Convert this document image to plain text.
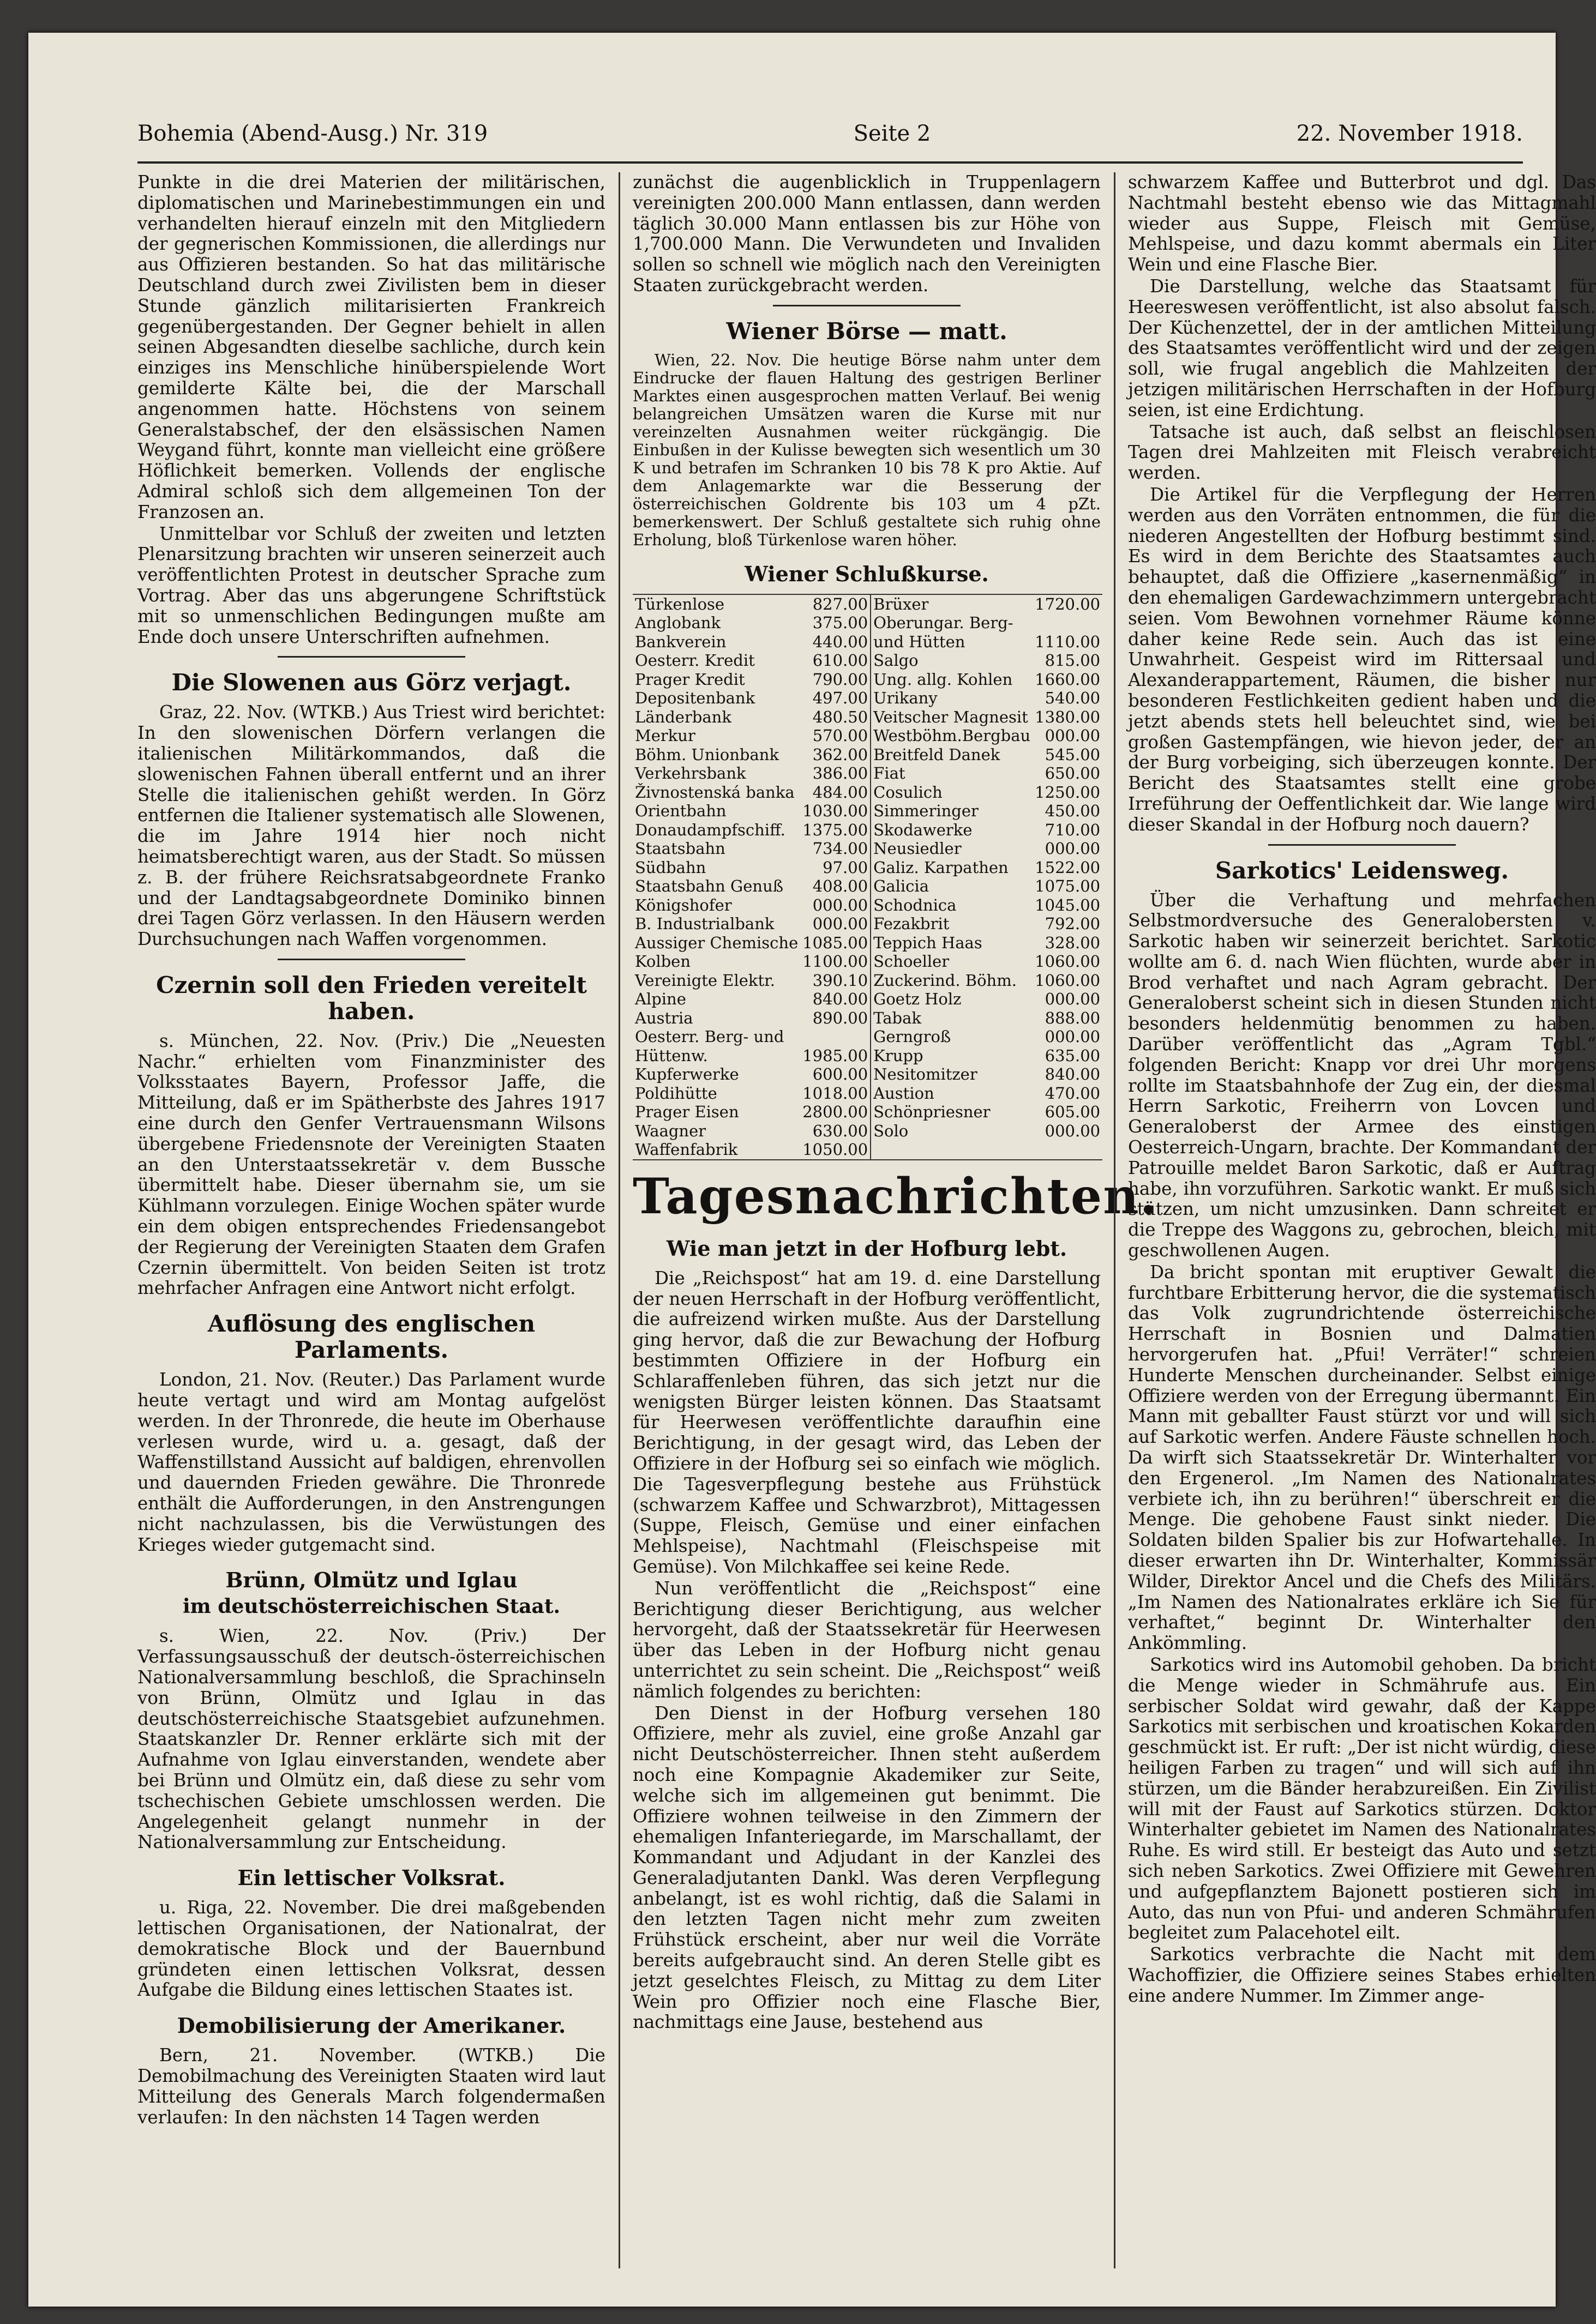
Bohemia (Abend-Ausg.) Nr. 319	Seite 2	22. November 1918.

Punkte in die drei Materien der militärischen, diplomatischen und Marinebestimmungen ein und verhandelten hierauf einzeln mit den Mitgliedern der gegnerischen Kommissionen, die allerdings nur aus Offizieren bestanden. So hat das militärische Deutschland durch zwei Zivilisten bem in dieser Stunde gänzlich militarisierten Frankreich gegenübergestanden. Der Gegner behielt in allen seinen Abgesandten dieselbe sachliche, durch kein einziges ins Menschliche hinüberspielende Wort gemilderte Kälte bei, die der Marschall angenommen hatte. Höchstens von seinem Generalstabschef, der den elsässischen Namen Weygand führt, konnte man vielleicht eine größere Höflichkeit bemerken. Vollends der englische Admiral schloß sich dem allgemeinen Ton der Franzosen an.

Unmittelbar vor Schluß der zweiten und letzten Plenarsitzung brachten wir unseren seinerzeit auch veröffentlichten Protest in deutscher Sprache zum Vortrag. Aber das uns abgerungene Schriftstück mit so unmenschlichen Bedingungen mußte am Ende doch unsere Unterschriften aufnehmen.

Die Slowenen aus Görz verjagt.

Graz, 22. Nov. (WTKB.) Aus Triest wird berichtet: In den slowenischen Dörfern verlangen die italienischen Militärkommandos, daß die slowenischen Fahnen überall entfernt und an ihrer Stelle die italienischen gehißt werden. In Görz entfernen die Italiener systematisch alle Slowenen, die im Jahre 1914 hier noch nicht heimatsberechtigt waren, aus der Stadt. So müssen z. B. der frühere Reichsratsabgeordnete Franko und der Landtagsabgeordnete Dominiko binnen drei Tagen Görz verlassen. In den Häusern werden Durchsuchungen nach Waffen vorgenommen.

Czernin soll den Frieden vereitelt haben.

s. München, 22. Nov. (Priv.) Die „Neuesten Nachr.“ erhielten vom Finanzminister des Volksstaates Bayern, Professor Jaffe, die Mitteilung, daß er im Spätherbste des Jahres 1917 eine durch den Genfer Vertrauensmann Wilsons übergebene Friedensnote der Vereinigten Staaten an den Unterstaatssekretär v. dem Bussche übermittelt habe. Dieser übernahm sie, um sie Kühlmann vorzulegen. Einige Wochen später wurde ein dem obigen entsprechendes Friedensangebot der Regierung der Vereinigten Staaten dem Grafen Czernin übermittelt. Von beiden Seiten ist trotz mehrfacher Anfragen eine Antwort nicht erfolgt.

Auflösung des englischen Parlaments.

London, 21. Nov. (Reuter.) Das Parlament wurde heute vertagt und wird am Montag aufgelöst werden. In der Thronrede, die heute im Oberhause verlesen wurde, wird u. a. gesagt, daß der Waffenstillstand Aussicht auf baldigen, ehrenvollen und dauernden Frieden gewähre. Die Thronrede enthält die Aufforderungen, in den Anstrengungen nicht nachzulassen, bis die Verwüstungen des Krieges wieder gutgemacht sind.

Brünn, Olmütz und Iglau
im deutschösterreichischen Staat.

s. Wien, 22. Nov. (Priv.) Der Verfassungsausschuß der deutsch-österreichischen Nationalversammlung beschloß, die Sprachinseln von Brünn, Olmütz und Iglau in das deutschösterreichische Staatsgebiet aufzunehmen. Staatskanzler Dr. Renner erklärte sich mit der Aufnahme von Iglau einverstanden, wendete aber bei Brünn und Olmütz ein, daß diese zu sehr vom tschechischen Gebiete umschlossen werden. Die Angelegenheit gelangt nunmehr in der Nationalversammlung zur Entscheidung.

Ein lettischer Volksrat.

u. Riga, 22. November. Die drei maßgebenden lettischen Organisationen, der Nationalrat, der demokratische Block und der Bauernbund gründeten einen lettischen Volksrat, dessen Aufgabe die Bildung eines lettischen Staates ist.

Demobilisierung der Amerikaner.

Bern, 21. November. (WTKB.) Die Demobilmachung des Vereinigten Staaten wird laut Mitteilung des Generals March folgendermaßen verlaufen: In den nächsten 14 Tagen werden

zunächst die augenblicklich in Truppenlagern vereinigten 200.000 Mann entlassen, dann werden täglich 30.000 Mann entlassen bis zur Höhe von 1,700.000 Mann. Die Verwundeten und Invaliden sollen so schnell wie möglich nach den Vereinigten Staaten zurückgebracht werden.

Wiener Börse — matt.

Wien, 22. Nov. Die heutige Börse nahm unter dem Eindrucke der flauen Haltung des gestrigen Berliner Marktes einen ausgesprochen matten Verlauf. Bei wenig belangreichen Umsätzen waren die Kurse mit nur vereinzelten Ausnahmen weiter rückgängig. Die Einbußen in der Kulisse bewegten sich wesentlich um 30 K und betrafen im Schranken 10 bis 78 K pro Aktie. Auf dem Anlagemarkte war die Besserung der österreichischen Goldrente bis 103 um 4 pZt. bemerkenswert. Der Schluß gestaltete sich ruhig ohne Erholung, bloß Türkenlose waren höher.

Wiener Schlußkurse.
Türkenlose	827.00	Brüxer	1720.00
Anglobank	375.00	Oberungar. Berg-	
Bankverein	440.00	und Hütten	1110.00
Oesterr. Kredit	610.00	Salgo	815.00
Prager Kredit	790.00	Ung. allg. Kohlen	1660.00
Depositenbank	497.00	Urikany	540.00
Länderbank	480.50	Veitscher Magnesit	1380.00
Merkur	570.00	Westböhm.Bergbau	000.00
Böhm. Unionbank	362.00	Breitfeld Danek	545.00
Verkehrsbank	386.00	Fiat	650.00
Živnostenská banka	484.00	Cosulich	1250.00
Orientbahn	1030.00	Simmeringer	450.00
Donaudampfschiff.	1375.00	Skodawerke	710.00
Staatsbahn	734.00	Neusiedler	000.00
Südbahn	97.00	Galiz. Karpathen	1522.00
Staatsbahn Genuß	408.00	Galicia	1075.00
Königshofer	000.00	Schodnica	1045.00
B. Industrialbank	000.00	Fezakbrit	792.00
Aussiger Chemische	1085.00	Teppich Haas	328.00
Kolben	1100.00	Schoeller	1060.00
Vereinigte Elektr.	390.10	Zuckerind. Böhm.	1060.00
Alpine	840.00	Goetz Holz	000.00
Austria	890.00	Tabak	888.00
Oesterr. Berg- und		Gerngroß	000.00
Hüttenw.	1985.00	Krupp	635.00
Kupferwerke	600.00	Nesitomitzer	840.00
Poldihütte	1018.00	Austion	470.00
Prager Eisen	2800.00	Schönpriesner	605.00
Waagner	630.00	Solo	000.00
Waffenfabrik	1050.00		
Tagesnachrichten.
Wie man jetzt in der Hofburg lebt.

Die „Reichspost“ hat am 19. d. eine Darstellung der neuen Herrschaft in der Hofburg veröffentlicht, die aufreizend wirken mußte. Aus der Darstellung ging hervor, daß die zur Bewachung der Hofburg bestimmten Offiziere in der Hofburg ein Schlaraffenleben führen, das sich jetzt nur die wenigsten Bürger leisten können. Das Staatsamt für Heerwesen veröffentlichte daraufhin eine Berichtigung, in der gesagt wird, das Leben der Offiziere in der Hofburg sei so einfach wie möglich. Die Tagesverpflegung bestehe aus Frühstück (schwarzem Kaffee und Schwarzbrot), Mittagessen (Suppe, Fleisch, Gemüse und einer einfachen Mehlspeise), Nachtmahl (Fleischspeise mit Gemüse). Von Milchkaffee sei keine Rede.

Nun veröffentlicht die „Reichspost“ eine Berichtigung dieser Berichtigung, aus welcher hervorgeht, daß der Staatssekretär für Heerwesen über das Leben in der Hofburg nicht genau unterrichtet zu sein scheint. Die „Reichspost“ weiß nämlich folgendes zu berichten:

Den Dienst in der Hofburg versehen 180 Offiziere, mehr als zuviel, eine große Anzahl gar nicht Deutschösterreicher. Ihnen steht außerdem noch eine Kompagnie Akademiker zur Seite, welche sich im allgemeinen gut benimmt. Die Offiziere wohnen teilweise in den Zimmern der ehemaligen Infanteriegarde, im Marschallamt, der Kommandant und Adjudant in der Kanzlei des Generaladjutanten Dankl. Was deren Verpflegung anbelangt, ist es wohl richtig, daß die Salami in den letzten Tagen nicht mehr zum zweiten Frühstück erscheint, aber nur weil die Vorräte bereits aufgebraucht sind. An deren Stelle gibt es jetzt geselchtes Fleisch, zu Mittag zu dem Liter Wein pro Offizier noch eine Flasche Bier, nachmittags eine Jause, bestehend aus

schwarzem Kaffee und Butterbrot und dgl. Das Nachtmahl besteht ebenso wie das Mittagmahl wieder aus Suppe, Fleisch mit Gemüse, Mehlspeise, und dazu kommt abermals ein Liter Wein und eine Flasche Bier.

Die Darstellung, welche das Staatsamt für Heereswesen veröffentlicht, ist also absolut falsch. Der Küchenzettel, der in der amtlichen Mitteilung des Staatsamtes veröffentlicht wird und der zeigen soll, wie frugal angeblich die Mahlzeiten der jetzigen militärischen Herrschaften in der Hofburg seien, ist eine Erdichtung.

Tatsache ist auch, daß selbst an fleischlosen Tagen drei Mahlzeiten mit Fleisch verabreicht werden.

Die Artikel für die Verpflegung der Herren werden aus den Vorräten entnommen, die für die niederen Angestellten der Hofburg bestimmt sind. Es wird in dem Berichte des Staatsamtes auch behauptet, daß die Offiziere „kasernenmäßig“ in den ehemaligen Gardewachzimmern untergebracht seien. Vom Bewohnen vornehmer Räume könne daher keine Rede sein. Auch das ist eine Unwahrheit. Gespeist wird im Rittersaal und Alexanderappartement, Räumen, die bisher nur besonderen Festlichkeiten gedient haben und die jetzt abends stets hell beleuchtet sind, wie bei großen Gastempfängen, wie hievon jeder, der an der Burg vorbeiging, sich überzeugen konnte. Der Bericht des Staatsamtes stellt eine grobe Irreführung der Oeffentlichkeit dar. Wie lange wird dieser Skandal in der Hofburg noch dauern?

Sarkotics' Leidensweg.

Über die Verhaftung und mehrfachen Selbstmordversuche des Generalobersten v. Sarkotic haben wir seinerzeit berichtet. Sarkotic wollte am 6. d. nach Wien flüchten, wurde aber in Brod verhaftet und nach Agram gebracht. Der Generaloberst scheint sich in diesen Stunden nicht besonders heldenmütig benommen zu haben. Darüber veröffentlicht das „Agram Tgbl.“ folgenden Bericht: Knapp vor drei Uhr morgens rollte im Staatsbahnhofe der Zug ein, der diesmal Herrn Sarkotic, Freiherrn von Lovcen und Generaloberst der Armee des einstigen Oesterreich-Ungarn, brachte. Der Kommandant der Patrouille meldet Baron Sarkotic, daß er Auftrag habe, ihn vorzuführen. Sarkotic wankt. Er muß sich stützen, um nicht umzusinken. Dann schreitet er die Treppe des Waggons zu, gebrochen, bleich, mit geschwollenen Augen.

Da bricht spontan mit eruptiver Gewalt die furchtbare Erbitterung hervor, die die systematisch das Volk zugrundrichtende österreichische Herrschaft in Bosnien und Dalmatien hervorgerufen hat. „Pfui! Verräter!“ schreien Hunderte Menschen durcheinander. Selbst einige Offiziere werden von der Erregung übermannt. Ein Mann mit geballter Faust stürzt vor und will sich auf Sarkotic werfen. Andere Fäuste schnellen hoch. Da wirft sich Staatssekretär Dr. Winterhalter vor den Ergenerol. „Im Namen des Nationalrates verbiete ich, ihn zu berühren!“ überschreit er die Menge. Die gehobene Faust sinkt nieder. Die Soldaten bilden Spalier bis zur Hofwartehalle. In dieser erwarten ihn Dr. Winterhalter, Kommissär Wilder, Direktor Ancel und die Chefs des Militärs. „Im Namen des Nationalrates erkläre ich Sie für verhaftet,“ beginnt Dr. Winterhalter den Ankömmling.

Sarkotics wird ins Automobil gehoben. Da bricht die Menge wieder in Schmährufe aus. Ein serbischer Soldat wird gewahr, daß der Kappe Sarkotics mit serbischen und kroatischen Kokarden geschmückt ist. Er ruft: „Der ist nicht würdig, diese heiligen Farben zu tragen“ und will sich auf ihn stürzen, um die Bänder herabzureißen. Ein Zivilist will mit der Faust auf Sarkotics stürzen. Doktor Winterhalter gebietet im Namen des Nationalrates Ruhe. Es wird still. Er besteigt das Auto und setzt sich neben Sarkotics. Zwei Offiziere mit Gewehren und aufgepflanztem Bajonett postieren sich im Auto, das nun von Pfui- und anderen Schmährufen begleitet zum Palacehotel eilt.

Sarkotics verbrachte die Nacht mit dem Wachoffizier, die Offiziere seines Stabes erhielten eine andere Nummer. Im Zimmer ange-
